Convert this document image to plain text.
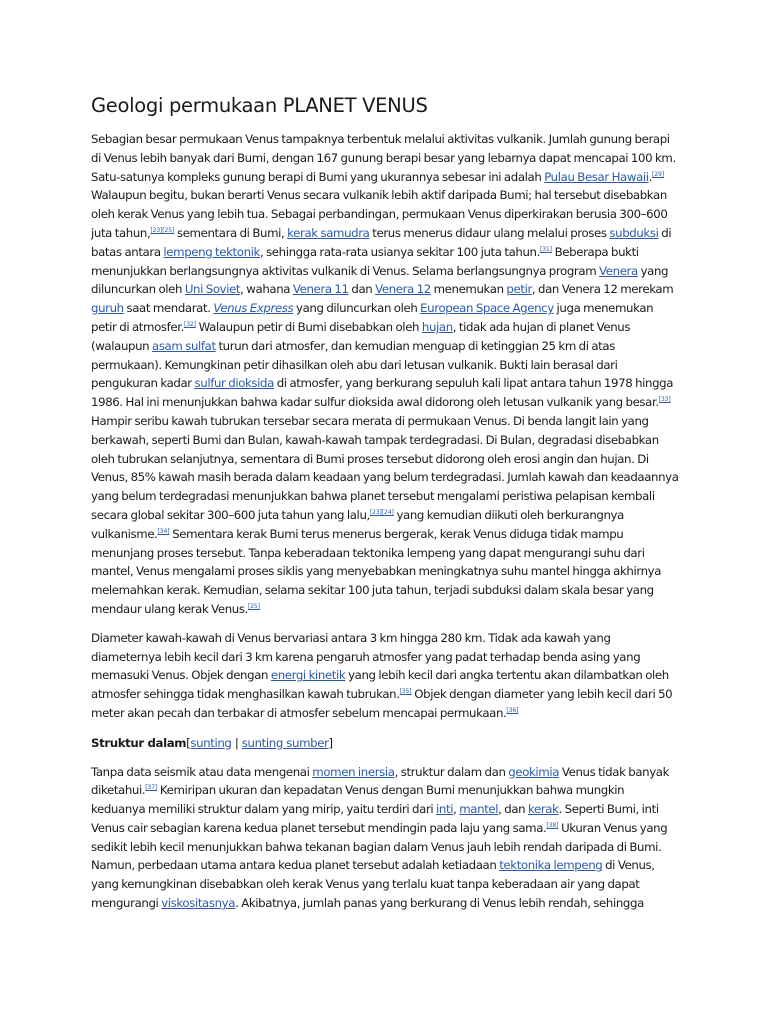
Geologi permukaan PLANET VENUS

Sebagian besar permukaan Venus tampaknya terbentuk melalui aktivitas vulkanik. Jumlah gunung berapi di Venus lebih banyak dari Bumi, dengan 167 gunung berapi besar yang lebarnya dapat mencapai 100 km. Satu-satunya kompleks gunung berapi di Bumi yang ukurannya sebesar ini adalah Pulau Besar Hawaii.[29] Walaupun begitu, bukan berarti Venus secara vulkanik lebih aktif daripada Bumi; hal tersebut disebabkan oleh kerak Venus yang lebih tua. Sebagai perbandingan, permukaan Venus diperkirakan berusia 300–600 juta tahun,[23][25] sementara di Bumi, kerak samudra terus menerus didaur ulang melalui proses subduksi di batas antara lempeng tektonik, sehingga rata-rata usianya sekitar 100 juta tahun.[31] Beberapa bukti menunjukkan berlangsungnya aktivitas vulkanik di Venus. Selama berlangsungnya program Venera yang diluncurkan oleh Uni Soviet, wahana Venera 11 dan Venera 12 menemukan petir, dan Venera 12 merekam guruh saat mendarat. Venus Express yang diluncurkan oleh European Space Agency juga menemukan petir di atmosfer.[32] Walaupun petir di Bumi disebabkan oleh hujan, tidak ada hujan di planet Venus (walaupun asam sulfat turun dari atmosfer, dan kemudian menguap di ketinggian 25 km di atas permukaan). Kemungkinan petir dihasilkan oleh abu dari letusan vulkanik. Bukti lain berasal dari pengukuran kadar sulfur dioksida di atmosfer, yang berkurang sepuluh kali lipat antara tahun 1978 hingga 1986. Hal ini menunjukkan bahwa kadar sulfur dioksida awal didorong oleh letusan vulkanik yang besar.[33] Hampir seribu kawah tubrukan tersebar secara merata di permukaan Venus. Di benda langit lain yang berkawah, seperti Bumi dan Bulan, kawah-kawah tampak terdegradasi. Di Bulan, degradasi disebabkan oleh tubrukan selanjutnya, sementara di Bumi proses tersebut didorong oleh erosi angin dan hujan. Di Venus, 85% kawah masih berada dalam keadaan yang belum terdegradasi. Jumlah kawah dan keadaannya yang belum terdegradasi menunjukkan bahwa planet tersebut mengalami peristiwa pelapisan kembali secara global sekitar 300–600 juta tahun yang lalu,[23][24] yang kemudian diikuti oleh berkurangnya vulkanisme.[34] Sementara kerak Bumi terus menerus bergerak, kerak Venus diduga tidak mampu menunjang proses tersebut. Tanpa keberadaan tektonika lempeng yang dapat mengurangi suhu dari mantel, Venus mengalami proses siklis yang menyebabkan meningkatnya suhu mantel hingga akhirnya melemahkan kerak. Kemudian, selama sekitar 100 juta tahun, terjadi subduksi dalam skala besar yang mendaur ulang kerak Venus.[25]

Diameter kawah-kawah di Venus bervariasi antara 3 km hingga 280 km. Tidak ada kawah yang diameternya lebih kecil dari 3 km karena pengaruh atmosfer yang padat terhadap benda asing yang memasuki Venus. Objek dengan energi kinetik yang lebih kecil dari angka tertentu akan dilambatkan oleh atmosfer sehingga tidak menghasilkan kawah tubrukan.[35] Objek dengan diameter yang lebih kecil dari 50 meter akan pecah dan terbakar di atmosfer sebelum mencapai permukaan.[36]

Struktur dalam[sunting | sunting sumber]

Tanpa data seismik atau data mengenai momen inersia, struktur dalam dan geokimia Venus tidak banyak diketahui.[37] Kemiripan ukuran dan kepadatan Venus dengan Bumi menunjukkan bahwa mungkin keduanya memiliki struktur dalam yang mirip, yaitu terdiri dari inti, mantel, dan kerak. Seperti Bumi, inti Venus cair sebagian karena kedua planet tersebut mendingin pada laju yang sama.[38] Ukuran Venus yang sedikit lebih kecil menunjukkan bahwa tekanan bagian dalam Venus jauh lebih rendah daripada di Bumi. Namun, perbedaan utama antara kedua planet tersebut adalah ketiadaan tektonika lempeng di Venus, yang kemungkinan disebabkan oleh kerak Venus yang terlalu kuat tanpa keberadaan air yang dapat mengurangi viskositasnya. Akibatnya, jumlah panas yang berkurang di Venus lebih rendah, sehingga
